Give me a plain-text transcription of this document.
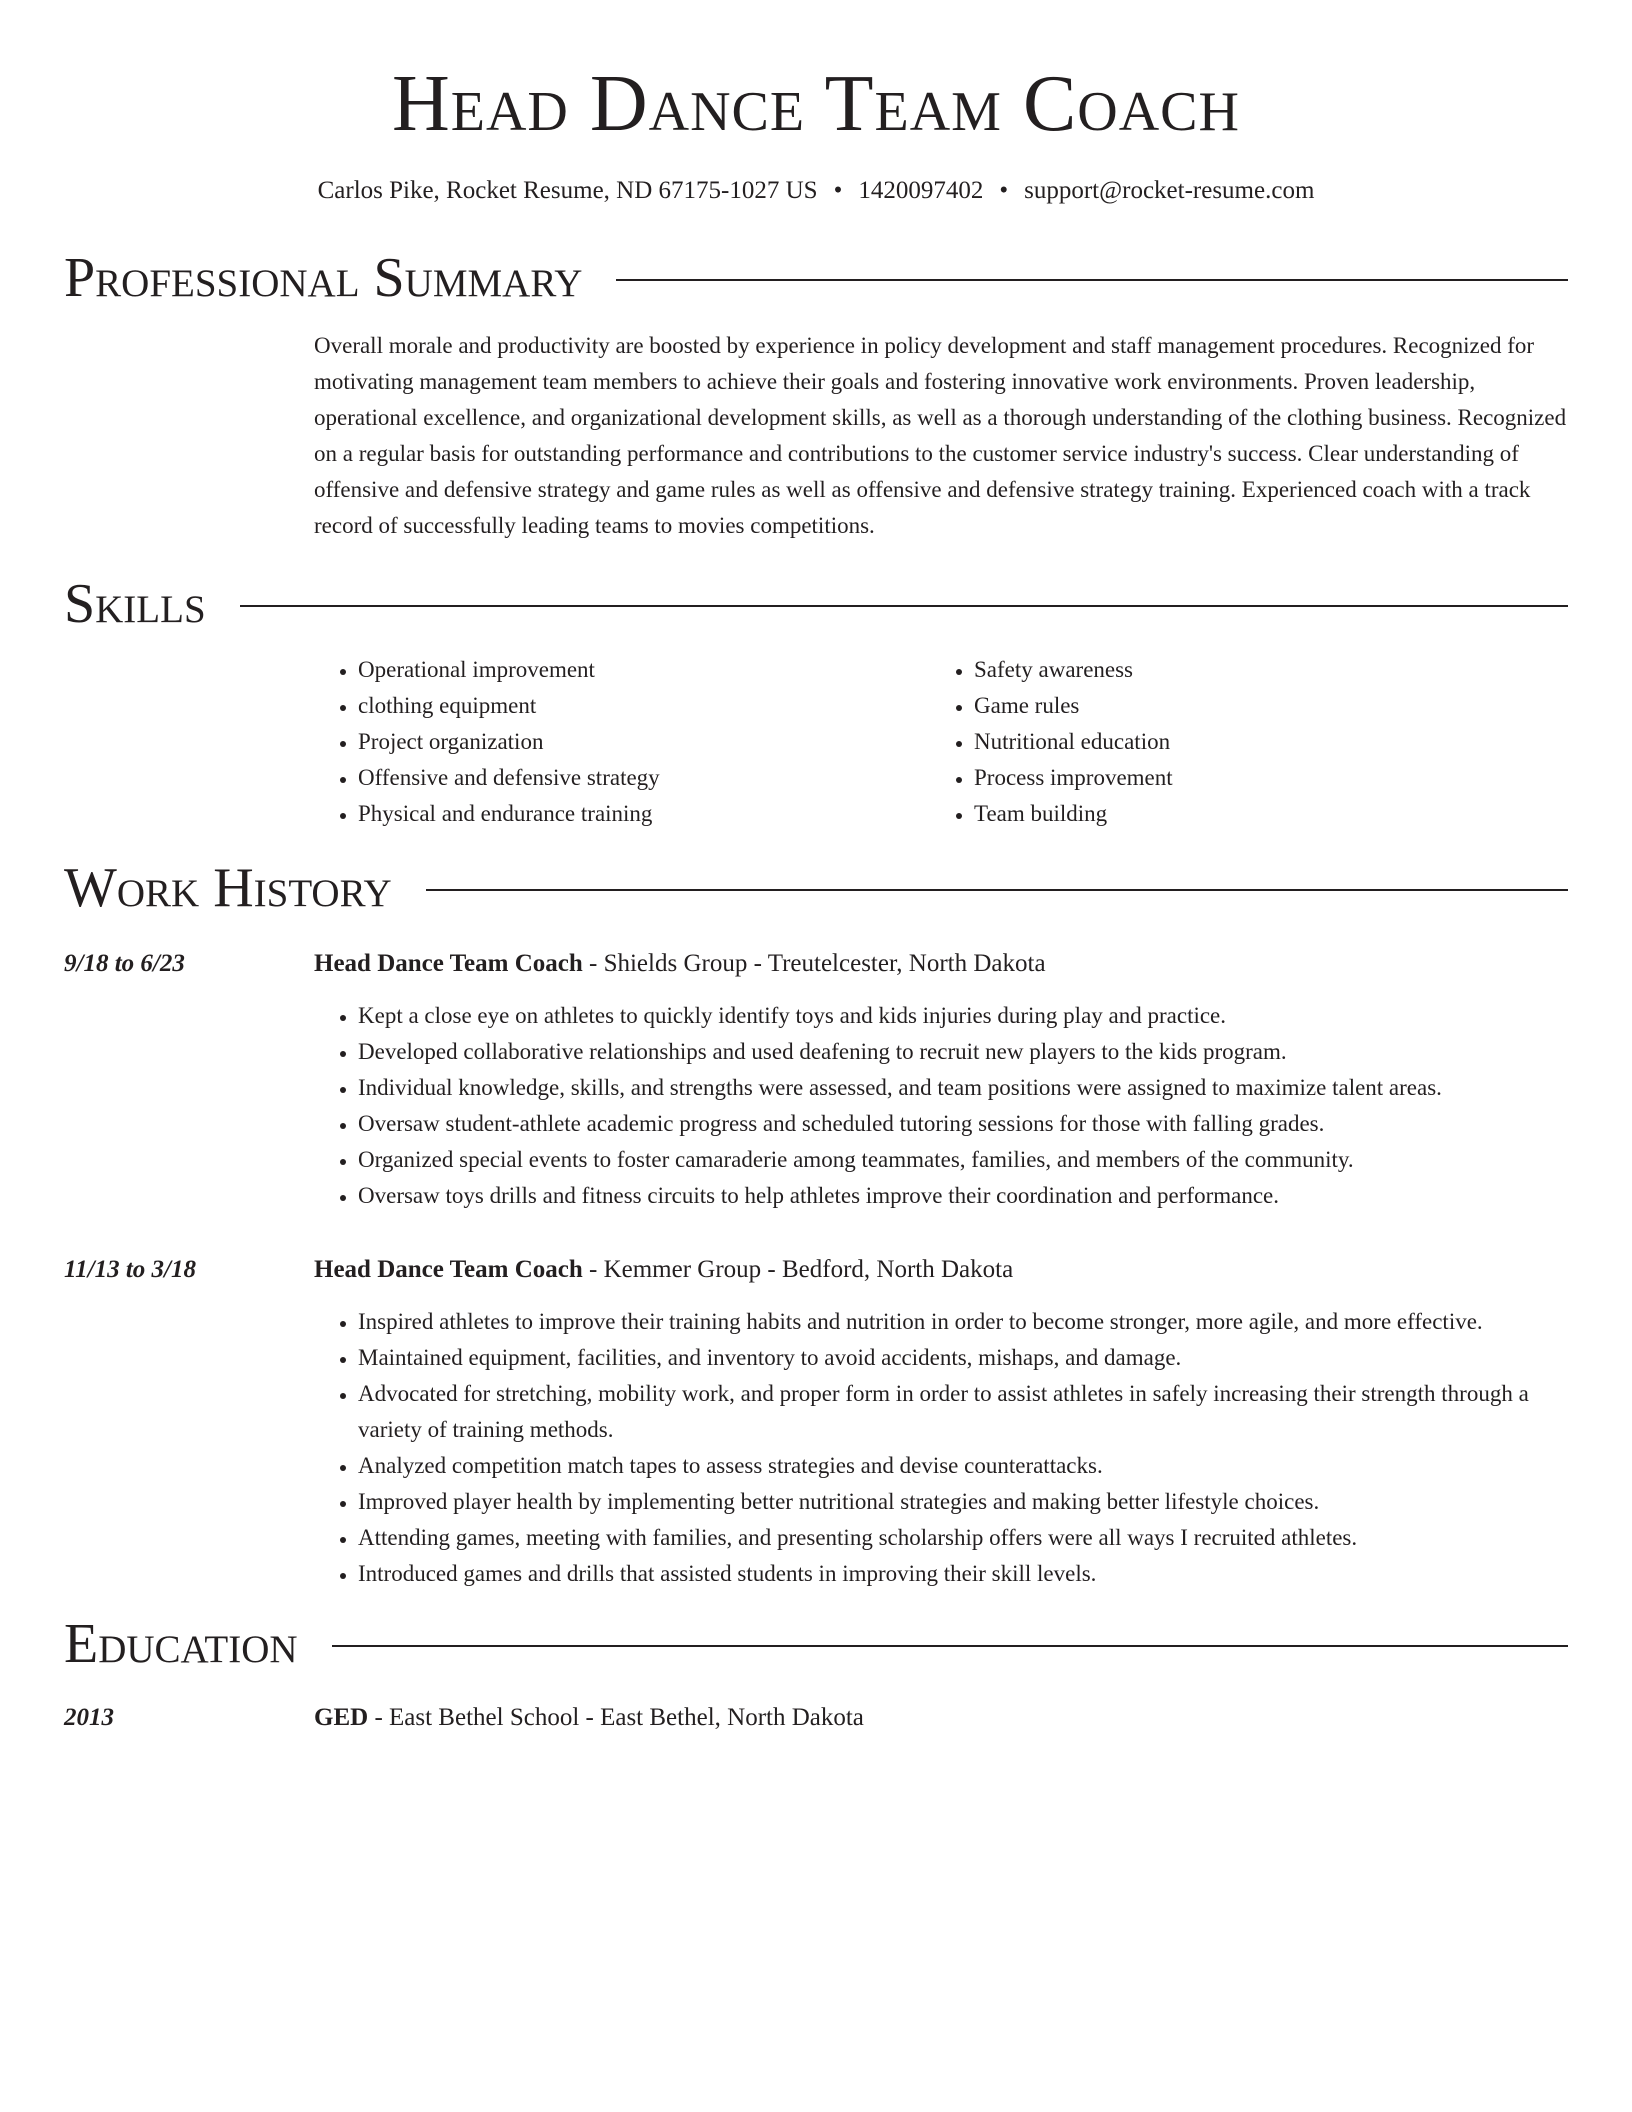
Head Dance Team Coach
Carlos Pike, Rocket Resume, ND 67175-1027 US • 1420097402 • support@rocket-resume.com
Professional Summary
Overall morale and productivity are boosted by experience in policy development and staff management procedures. Recognized for motivating management team members to achieve their goals and fostering innovative work environments. Proven leadership, operational excellence, and organizational development skills, as well as a thorough understanding of the clothing business. Recognized on a regular basis for outstanding performance and contributions to the customer service industry's success. Clear understanding of offensive and defensive strategy and game rules as well as offensive and defensive strategy training. Experienced coach with a track record of successfully leading teams to movies competitions.
Skills
• Operational improvement
• clothing equipment
• Project organization
• Offensive and defensive strategy
• Physical and endurance training
• Safety awareness
• Game rules
• Nutritional education
• Process improvement
• Team building
Work History
9/18 to 6/23	Head Dance Team Coach - Shields Group - Treutelcester, North Dakota
• Kept a close eye on athletes to quickly identify toys and kids injuries during play and practice.
• Developed collaborative relationships and used deafening to recruit new players to the kids program.
• Individual knowledge, skills, and strengths were assessed, and team positions were assigned to maximize talent areas.
• Oversaw student-athlete academic progress and scheduled tutoring sessions for those with falling grades.
• Organized special events to foster camaraderie among teammates, families, and members of the community.
• Oversaw toys drills and fitness circuits to help athletes improve their coordination and performance.
11/13 to 3/18	Head Dance Team Coach - Kemmer Group - Bedford, North Dakota
• Inspired athletes to improve their training habits and nutrition in order to become stronger, more agile, and more effective.
• Maintained equipment, facilities, and inventory to avoid accidents, mishaps, and damage.
• Advocated for stretching, mobility work, and proper form in order to assist athletes in safely increasing their strength through a variety of training methods.
• Analyzed competition match tapes to assess strategies and devise counterattacks.
• Improved player health by implementing better nutritional strategies and making better lifestyle choices.
• Attending games, meeting with families, and presenting scholarship offers were all ways I recruited athletes.
• Introduced games and drills that assisted students in improving their skill levels.
Education
2013	GED - East Bethel School - East Bethel, North Dakota
